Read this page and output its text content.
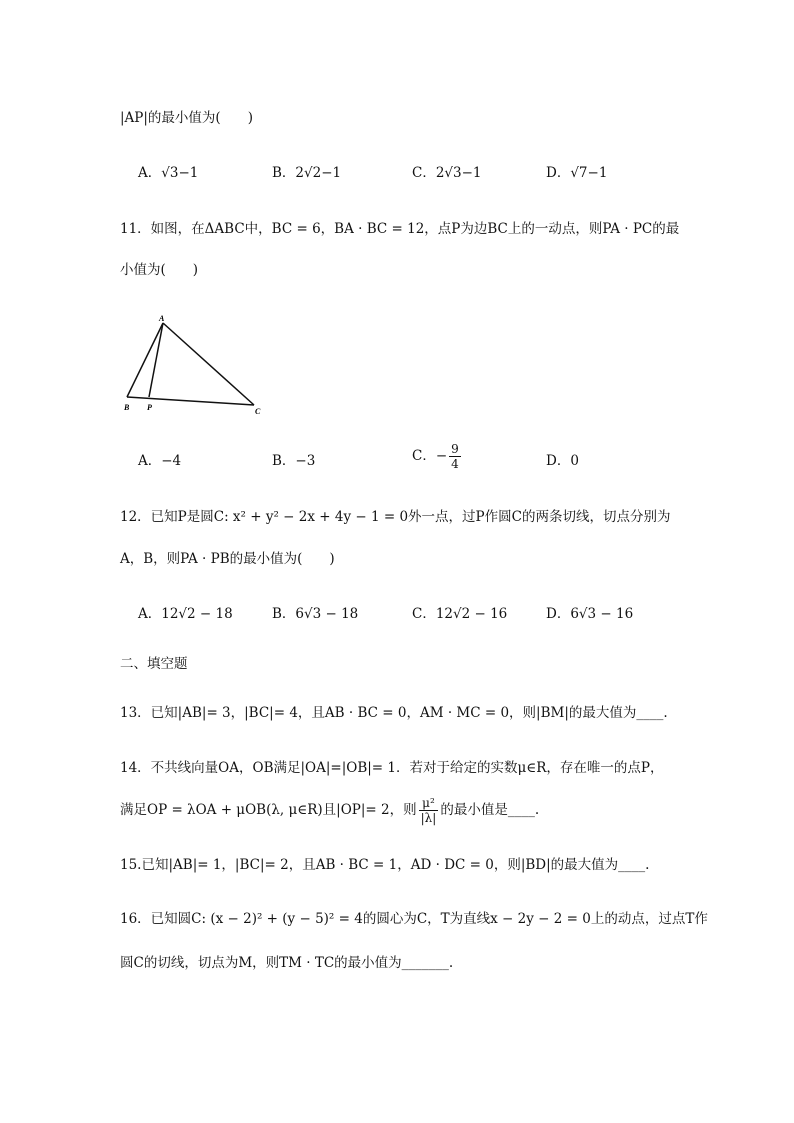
|AP|的最小值为(　　)
A．√3−1	B．2√2−1	C．2√3−1	D．√7−1
11．如图，在ΔABC中，BC = 6，BA · BC = 12，点P为边BC上的一动点，则PA · PC的最
小值为(　　)
A
B P	C
A．−4	B．−3	C．− $\frac{9}{4}$	D．0
12．已知P是圆C: x² + y² − 2x + 4y − 1 = 0外一点，过P作圆C的两条切线，切点分别为
A，B，则PA · PB的最小值为(　　)
A．12√2 − 18	B．6√3 − 18	C．12√2 − 16	D．6√3 − 16
二、填空题
13．已知|AB|= 3，|BC|= 4，且AB · BC = 0，AM · MC = 0，则|BM|的最大值为____.
14．不共线向量OA，OB满足|OA|=|OB|= 1．若对于给定的实数μ∈R，存在唯一的点P，
满足OP = λOA + μOB(λ, μ∈R)且|OP|= 2，则 $\frac{\text{μ²}}{|\lambda|}$ 的最小值是____.
15.已知|AB|= 1，|BC|= 2，且AB · BC = 1，AD · DC = 0，则|BD|的最大值为____.
16．已知圆C: (x − 2)² + (y − 5)² = 4的圆心为C，T为直线x − 2y − 2 = 0上的动点，过点T作
圆C的切线，切点为M，则TM · TC的最小值为_______.
